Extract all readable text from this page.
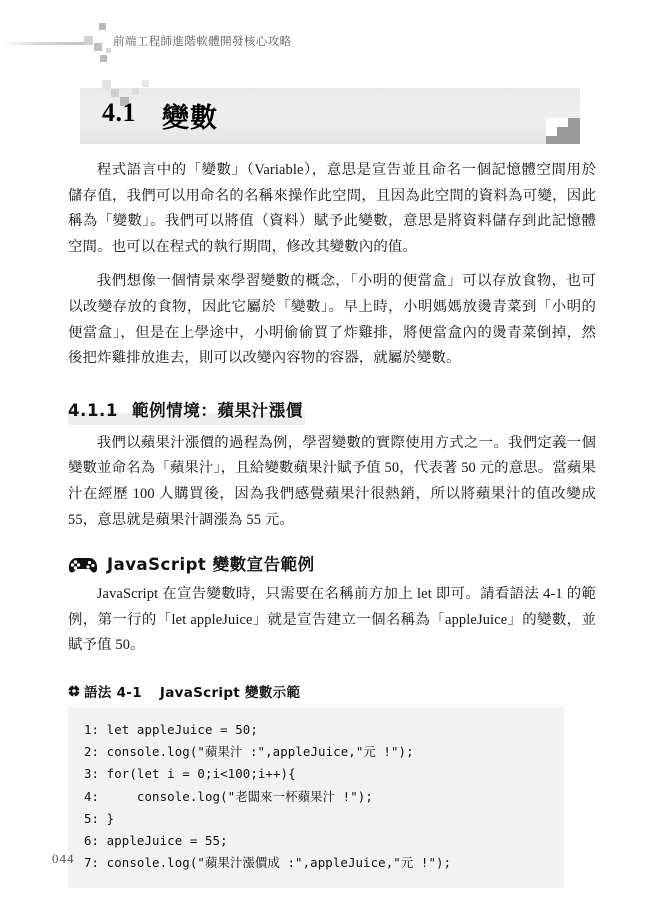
前端工程師進階軟體開發核心攻略
4.1 變數

程式語言中的「變數」（Variable），意思是宣告並且命名一個記憶體空間用於儲存值，我們可以用命名的名稱來操作此空間，且因為此空間的資料為可變，因此稱為「變數」。我們可以將值（資料）賦予此變數，意思是將資料儲存到此記憶體空間。也可以在程式的執行期間，修改其變數內的值。

我們想像一個情景來學習變數的概念，「小明的便當盒」可以存放食物，也可以改變存放的食物，因此它屬於「變數」。早上時，小明媽媽放燙青菜到「小明的便當盒」，但是在上學途中，小明偷偷買了炸雞排，將便當盒內的燙青菜倒掉，然後把炸雞排放進去，則可以改變內容物的容器，就屬於變數。

4.1.1 範例情境：蘋果汁漲價

我們以蘋果汁漲價的過程為例，學習變數的實際使用方式之一。我們定義一個變數並命名為「蘋果汁」，且給變數蘋果汁賦予值 50，代表著 50 元的意思。當蘋果汁在經歷 100 人購買後，因為我們感覺蘋果汁很熱銷，所以將蘋果汁的值改變成 55，意思就是蘋果汁調漲為 55 元。

JavaScript 變數宣告範例

JavaScript 在宣告變數時，只需要在名稱前方加上 let 即可。請看語法 4-1 的範例，第一行的「let appleJuice」就是宣告建立一個名稱為「appleJuice」的變數，並賦予值 50。

語法 4-1 JavaScript 變數示範
1: let appleJuice = 50;
2: console.log("蘋果汁 :",appleJuice,"元 !");
3: for(let i = 0;i<100;i++){
4:     console.log("老闆來一杯蘋果汁 !");
5: }
6: appleJuice = 55;
7: console.log("蘋果汁漲價成 :",appleJuice,"元 !");
044
